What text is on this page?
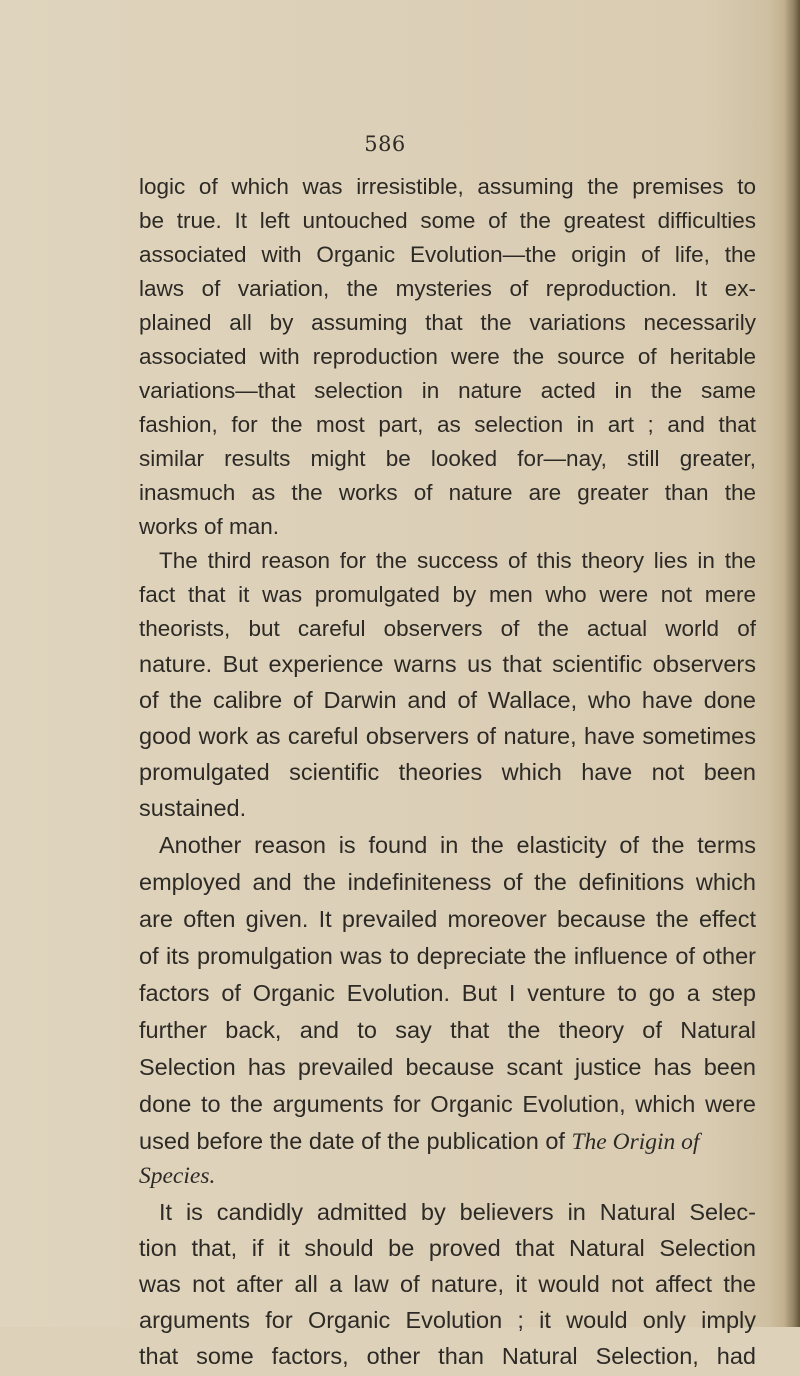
586
logic of which was irresistible, assuming the premises to
be true. It left untouched some of the greatest difficulties
associated with Organic Evolution—the origin of life, the
laws of variation, the mysteries of reproduction. It ex-
plained all by assuming that the variations necessarily
associated with reproduction were the source of heritable
variations—that selection in nature acted in the same
fashion, for the most part, as selection in art ; and that
similar results might be looked for—nay, still greater,
inasmuch as the works of nature are greater than the
works of man.
The third reason for the success of this theory lies in the
fact that it was promulgated by men who were not mere
theorists, but careful observers of the actual world of
nature. But experience warns us that scientific observers
of the calibre of Darwin and of Wallace, who have done
good work as careful observers of nature, have sometimes
promulgated scientific theories which have not been
sustained.
Another reason is found in the elasticity of the terms
employed and the indefiniteness of the definitions which
are often given. It prevailed moreover because the effect
of its promulgation was to depreciate the influence of other
factors of Organic Evolution. But I venture to go a step
further back, and to say that the theory of Natural
Selection has prevailed because scant justice has been
done to the arguments for Organic Evolution, which were
used before the date of the publication of The Origin of
Species.
It is candidly admitted by believers in Natural Selec-
tion that, if it should be proved that Natural Selection
was not after all a law of nature, it would not affect the
arguments for Organic Evolution ; it would only imply
that some factors, other than Natural Selection, had
